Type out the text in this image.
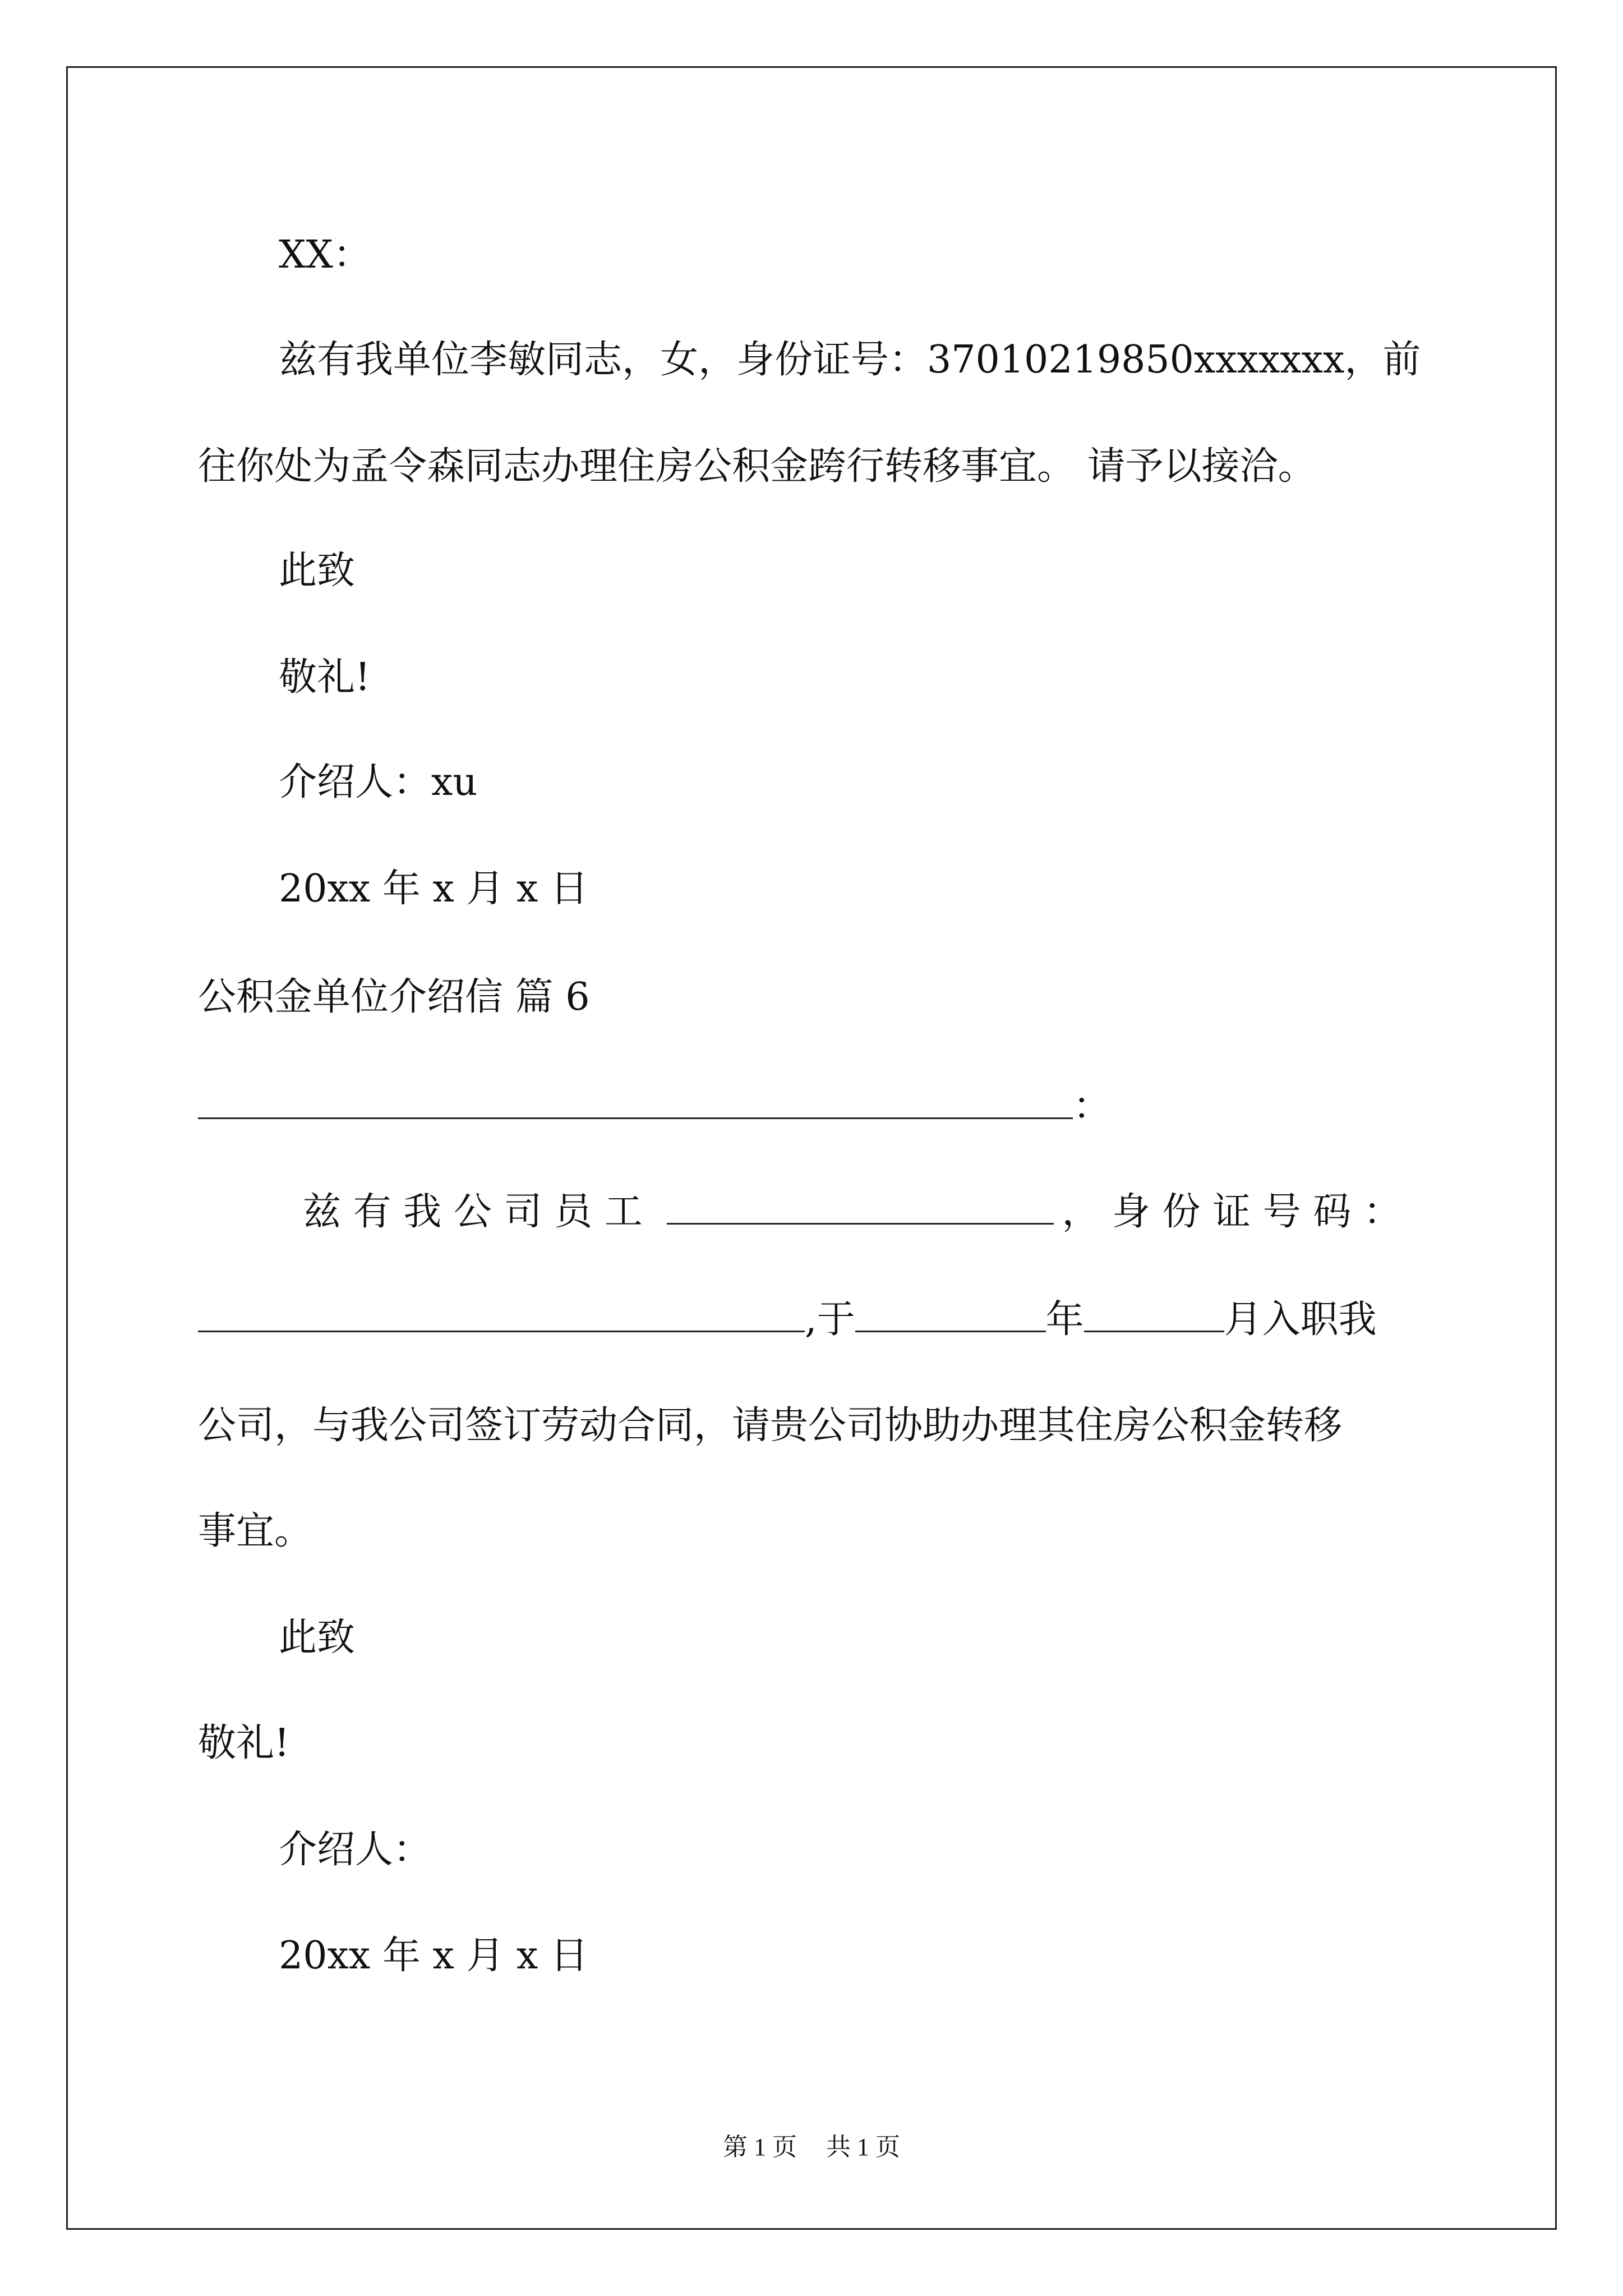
XX：
兹有我单位李敏同志，女，身份证号：37010219850xxxxxxx，前
往你处为孟令森同志办理住房公积金跨行转移事宜。 请予以接洽。
此致
敬礼!
介绍人：xu
20xx 年 x 月 x 日
公积金单位介绍信 篇 6
：
兹 有 我 公 司 员 工	， 身 份 证 号 码 ：
,于	年	月入职我
公司，与我公司签订劳动合同，请贵公司协助办理其住房公积金转移
事宜。
此致
敬礼!
介绍人：
20xx 年 x 月 x 日
第 1 页 共 1 页
